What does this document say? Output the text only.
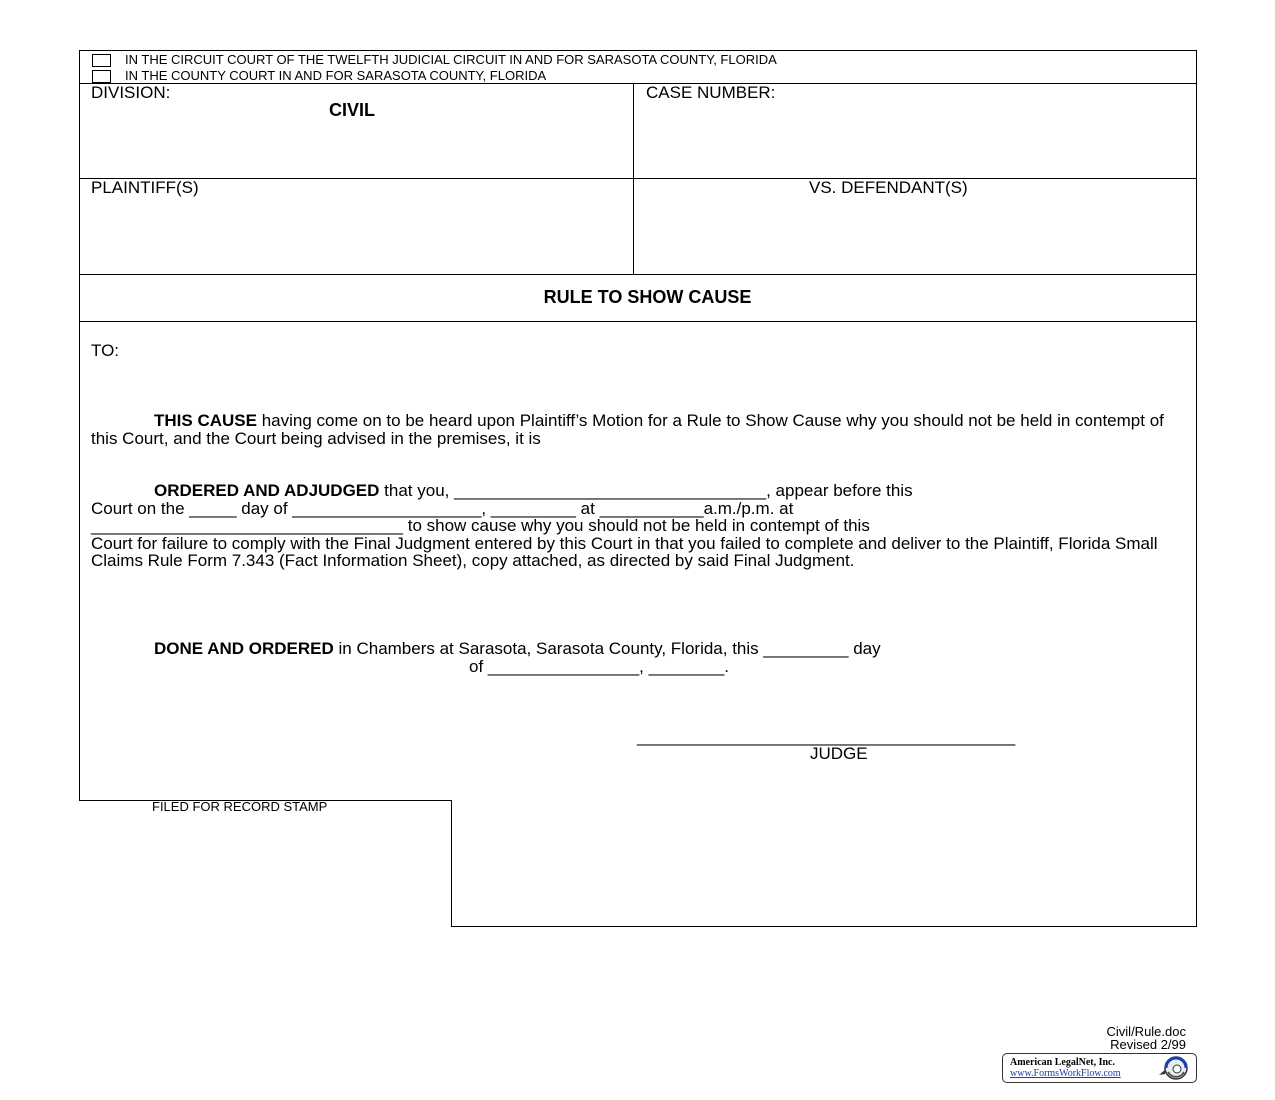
IN THE CIRCUIT COURT OF THE TWELFTH JUDICIAL CIRCUIT IN AND FOR SARASOTA COUNTY, FLORIDA
IN THE COUNTY COURT IN AND FOR SARASOTA COUNTY, FLORIDA
DIVISION:
CIVIL
CASE NUMBER:
PLAINTIFF(S)	VS. DEFENDANT(S)
RULE TO SHOW CAUSE
TO:
THIS CAUSE having come on to be heard upon Plaintiff’s Motion for a Rule to Show Cause why you should not be held in contempt of this Court, and the Court being advised in the premises, it is
ORDERED AND ADJUDGED that you, _________________________________, appear before this
Court on the _____ day of ____________________, _________ at ___________a.m./p.m. at
_________________________________ to show cause why you should not be held in contempt of this
Court for failure to comply with the Final Judgment entered by this Court in that you failed to complete and deliver to the Plaintiff, Florida Small Claims Rule Form 7.343 (Fact Information Sheet), copy attached, as directed by said Final Judgment.
DONE AND ORDERED in Chambers at Sarasota, Sarasota County, Florida, this _________ day
of ________________, ________.
________________________________________
JUDGE
FILED FOR RECORD STAMP
Civil/Rule.doc
Revised 2/99
American LegalNet, Inc.
www.FormsWorkFlow.com
